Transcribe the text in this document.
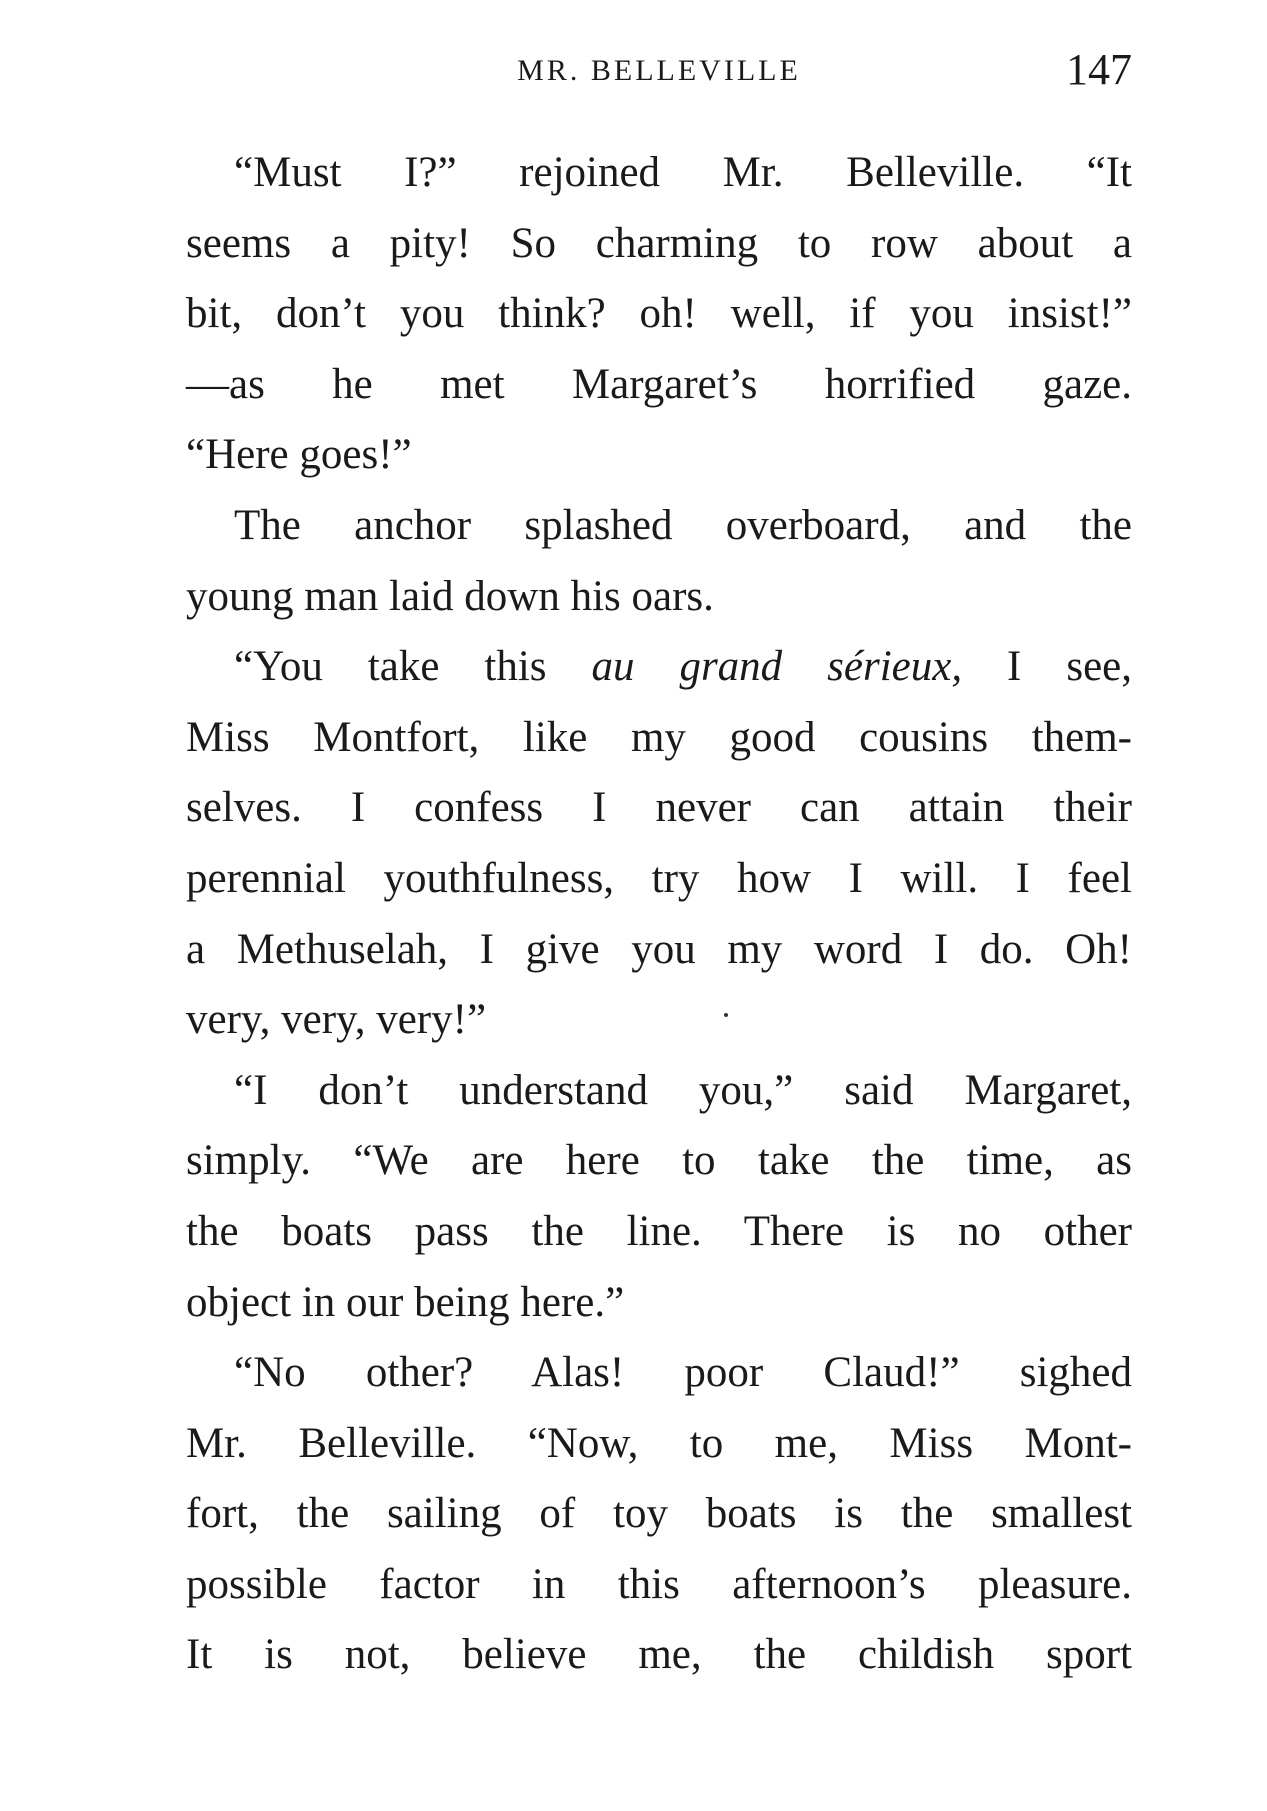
MR. BELLEVILLE	147
“Must I?” rejoined Mr. Belleville. “It
seems a pity! So charming to row about a
bit, don’t you think? oh! well, if you insist!”
—as he met Margaret’s horrified gaze.
“Here goes!”
The anchor splashed overboard, and the
young man laid down his oars.
“You take this au grand sérieux, I see,
Miss Montfort, like my good cousins them-
selves. I confess I never can attain their
perennial youthfulness, try how I will. I feel
a Methuselah, I give you my word I do. Oh!
very, very, very!”
“I don’t understand you,” said Margaret,
simply. “We are here to take the time, as
the boats pass the line. There is no other
object in our being here.”
“No other? Alas! poor Claud!” sighed
Mr. Belleville. “Now, to me, Miss Mont-
fort, the sailing of toy boats is the smallest
possible factor in this afternoon’s pleasure.
It is not, believe me, the childish sport
